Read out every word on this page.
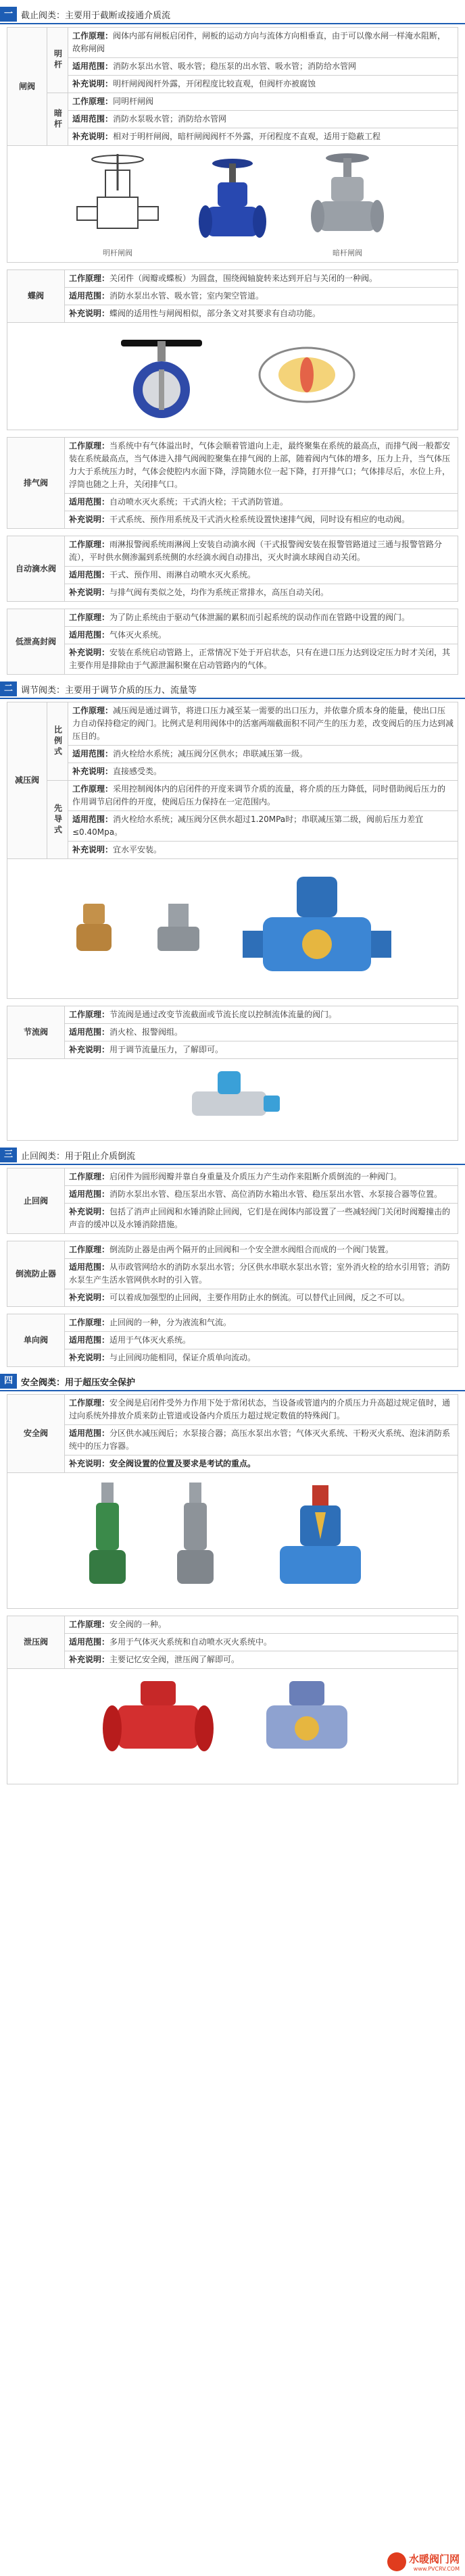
一 截止阀类：主要用于截断或接通介质流
闸阀	明杆	工作原理：阀体内部有闸板启闭件，闸板的运动方向与流体方向相垂直，由于可以像水闸一样淹水阻断，故称闸阀
		适用范围：消防水泵出水管、吸水管；稳压泵的出水管、吸水管；消防给水管网
		补充说明：明杆闸阀阀杆外露，开闭程度比较直观，但阀杆亦被腐蚀
	暗杆	工作原理：同明杆闸阀
		适用范围：消防水泵吸水管；消防给水管网
		补充说明：相对于明杆闸阀，暗杆闸阀阀杆不外露，开闭程度不直观，适用于隐蔽工程
明杆闸阀	暗杆闸阀
蝶阀	工作原理：关闭件（阀瓣或蝶板）为圆盘，围绕阀轴旋转来达到开启与关闭的一种阀。
适用范围：消防水泵出水管、吸水管；室内架空管道。
补充说明：蝶阀的适用性与闸阀相似，部分条文对其要求有自动功能。
排气阀	工作原理：当系统中有气体溢出时，气体会顺着管道向上走，最终聚集在系统的最高点，而排气阀一般都安装在系统最高点，当气体进入排气阀阀腔聚集在排气阀的上部，随着阀内气体的增多，压力上升，当气体压力大于系统压力时，气体会使腔内水面下降，浮筒随水位一起下降，打开排气口；气体排尽后，水位上升，浮筒也随之上升，关闭排气口。
适用范围：自动喷水灭火系统；干式消火栓；干式消防管道。
补充说明：干式系统、预作用系统及干式消火栓系统设置快速排气阀，同时设有相应的电动阀。
自动滴水阀	工作原理：雨淋报警阀系统雨淋阀上安装自动滴水阀（干式报警阀安装在报警管路道过三通与报警管路分流），平时供水侧渗漏到系统侧的水经滴水阀自动排出，灭火时滴水球阀自动关闭。
适用范围：干式、预作用、雨淋自动喷水灭火系统。
补充说明：与排气阀有类似之处，均作为系统正常排水，高压自动关闭。
低泄高封阀	工作原理：为了防止系统由于驱动气体泄漏的累积而引起系统的误动作而在管路中设置的阀门。
适用范围：气体灭火系统。
补充说明：安装在系统启动管路上，正常情况下处于开启状态，只有在进口压力达到设定压力时才关闭，其主要作用是排除由于气源泄漏积聚在启动管路内的气体。
二 调节阀类：主要用于调节介质的压力、流量等
减压阀	比例式	工作原理：减压阀是通过调节，将进口压力减至某一需要的出口压力，并依靠介质本身的能量，使出口压力自动保持稳定的阀门。比例式是利用阀体中的活塞两端截面积不同产生的压力差，改变阀后的压力达到减压目的。
		适用范围：消火栓给水系统；减压阀分区供水；串联减压第一级。
		补充说明：直接感受类。
	先导式	工作原理：采用控制阀体内的启闭件的开度来调节介质的流量，将介质的压力降低，同时借助阀后压力的作用调节启闭件的开度，使阀后压力保持在一定范围内。
		适用范围：消火栓给水系统；减压阀分区供水超过1.20MPa时；串联减压第二级，阀前后压力差宜≤0.40Mpa。
		补充说明：宜水平安装。
节流阀	工作原理：节流阀是通过改变节流截面或节流长度以控制流体流量的阀门。
适用范围：消火栓、报警阀组。
补充说明：用于调节流量压力，了解即可。
三 止回阀类：用于阻止介质倒流
止回阀	工作原理：启闭件为圆形阀瓣并靠自身重量及介质压力产生动作来阻断介质倒流的一种阀门。
适用范围：消防水泵出水管、稳压泵出水管、高位消防水箱出水管、稳压泵出水管、水泵接合器等位置。
补充说明：包括了消声止回阀和水锤消除止回阀，它们是在阀体内部设置了一些减轻阀门关闭时阀瓣撞击的声音的缓冲以及水锤消除措施。
倒流防止器	工作原理：倒流防止器是由两个隔开的止回阀和一个安全泄水阀组合而成的一个阀门装置。
适用范围：从市政管网给水的消防水泵出水管；分区供水串联水泵出水管；室外消火栓的给水引用管；消防水泵生产生活水管网供水时的引入管。
补充说明：可以着成加强型的止回阀，主要作用防止水的倒流。可以替代止回阀，反之不可以。
单向阀	工作原理：止回阀的一种，分为液流和气流。
适用范围：适用于气体灭火系统。
补充说明：与止回阀功能相同，保证介质单向流动。
四 安全阀类：用于超压安全保护
安全阀	工作原理：安全阀是启闭件受外力作用下处于常闭状态，当设备或管道内的介质压力升高超过规定值时，通过向系统外排放介质来防止管道或设备内介质压力超过规定数值的特殊阀门。
适用范围：分区供水减压阀后；水泵接合器；高压水泵出水管；气体灭火系统、干粉灭火系统、泡沫消防系统中的压力容器。
补充说明：安全阀设置的位置及要求是考试的重点。
泄压阀	工作原理：安全阀的一种。
适用范围：多用于气体灭火系统和自动喷水灭火系统中。
补充说明：主要记忆安全阀，泄压阀了解即可。
水暖阀门网
www.PVCRV.COM
